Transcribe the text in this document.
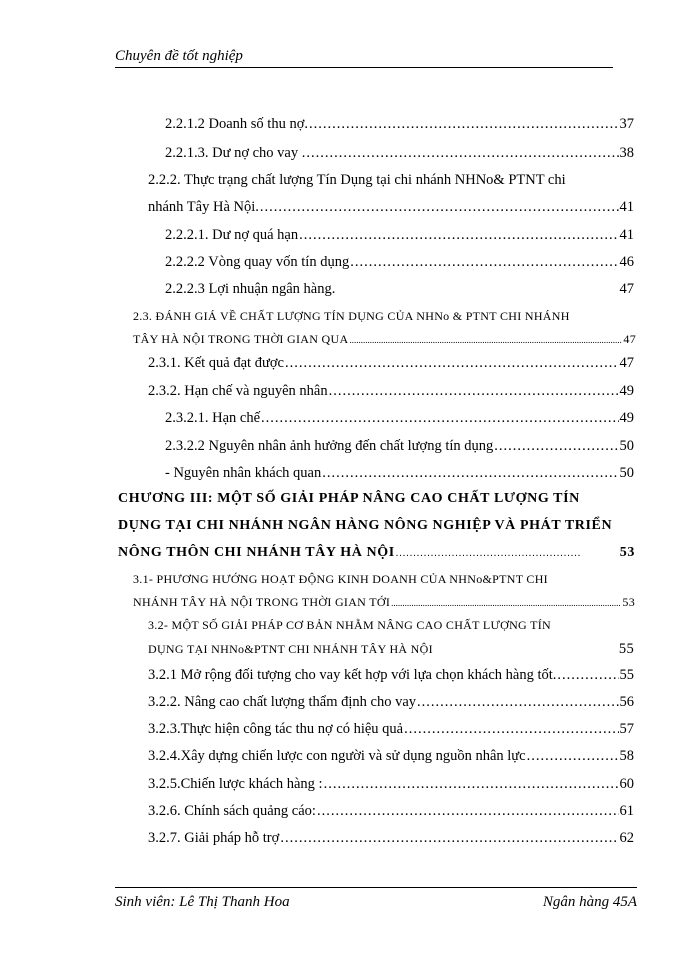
Chuyên đề tốt nghiệp
2.2.1.2 Doanh số thu nợ. .....	37
2.2.1.3. Dư nợ cho vay . .....	38
2.2.2. Thực trạng chất lượng Tín Dụng tại chi nhánh NHNo& PTNT chi
nhánh Tây Hà Nội. .....	41
2.2.2.1. Dư nợ quá hạn .....	41
2.2.2.2 Vòng quay vốn tín dụng .....	46
2.2.2.3 Lợi nhuận ngân hàng.	47
2.3. ĐÁNH GIÁ VỀ CHẤT LƯỢNG TÍN DỤNG CỦA NHNo & PTNT CHI NHÁNH
TÂY HÀ NỘI TRONG THỜI GIAN QUA .....	47
2.3.1. Kết quả đạt được .....	47
2.3.2. Hạn chế và nguyên nhân .....	49
2.3.2.1. Hạn chế .....	49
2.3.2.2 Nguyên nhân ảnh hưởng đến chất lượng tín dụng .....	50
- Nguyên nhân khách quan .....	50
CHƯƠNG III: MỘT SỐ GIẢI PHÁP NÂNG CAO CHẤT LƯỢNG TÍN
DỤNG TẠI CHI NHÁNH NGÂN HÀNG NÔNG NGHIỆP VÀ PHÁT TRIỂN
NÔNG THÔN CHI NHÁNH TÂY HÀ NỘI .....	53
3.1- PHƯƠNG HƯỚNG HOẠT ĐỘNG KINH DOANH CỦA NHNo&PTNT CHI
NHÁNH TÂY HÀ NỘI TRONG THỜI GIAN TỚI .....	53
3.2- MỘT SỐ GIẢI PHÁP CƠ BẢN NHẰM NÂNG CAO CHẤT LƯỢNG TÍN
DỤNG TẠI NHNo&PTNT CHI NHÁNH TÂY HÀ NỘI	55
3.2.1 Mở rộng đối tượng cho vay kết hợp với lựa chọn khách hàng tốt. .....	55
3.2.2. Nâng cao chất lượng thẩm định cho vay .....	56
3.2.3.Thực hiện công tác thu nợ có hiệu quả .....	57
3.2.4.Xây dựng chiến lược con người và sử dụng nguồn nhân lực .....	58
3.2.5.Chiến lược khách hàng : .....	60
3.2.6. Chính sách quảng cáo: .....	61
3.2.7. Giải pháp hỗ trợ .....	62
Sinh viên: Lê Thị Thanh Hoa	Ngân hàng 45A
